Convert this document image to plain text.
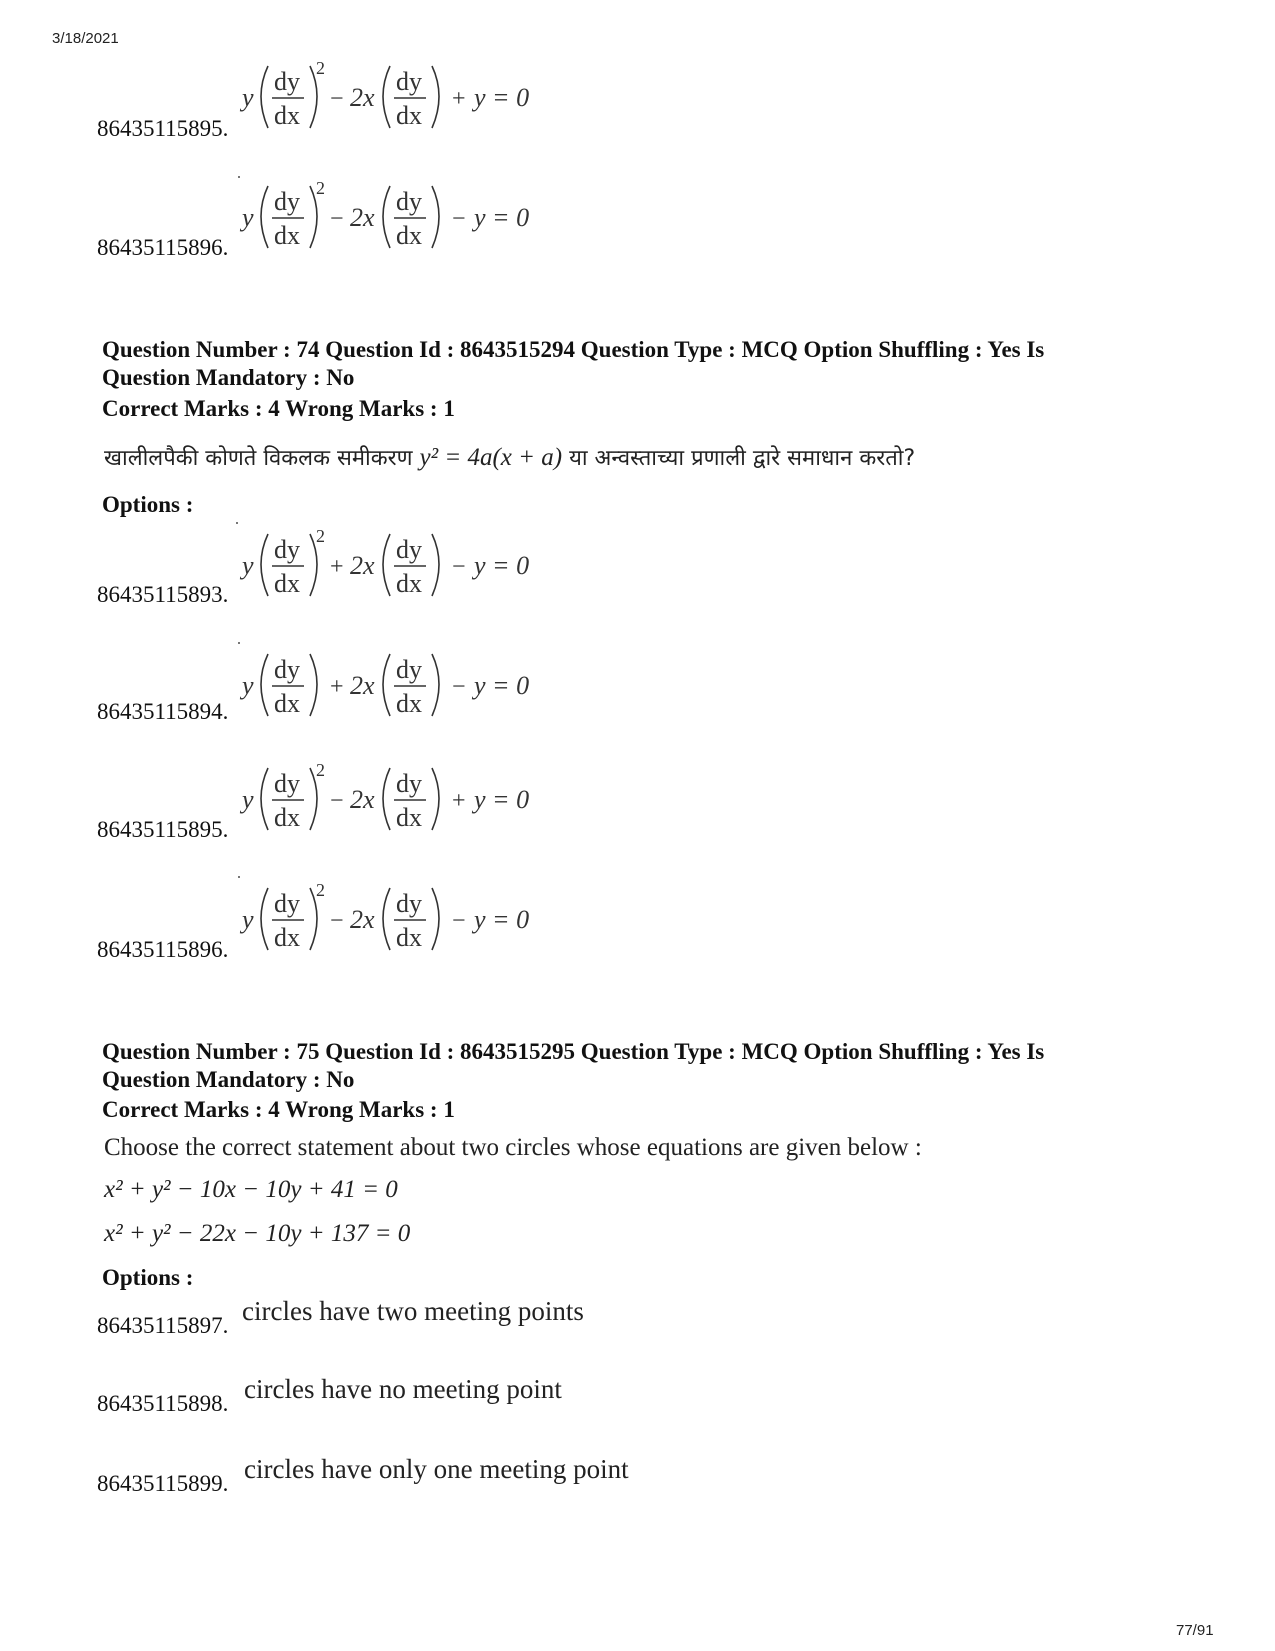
3/18/2021
y
dy
dx
2
− 2x
dy
dx
+ y = 0
86435115895.
y
dy
dx
2
− 2x
dy
dx
− y = 0
86435115896.
Question Number : 74 Question Id : 8643515294 Question Type : MCQ Option Shuffling : Yes Is
Question Mandatory : No
Correct Marks : 4 Wrong Marks : 1
खालीलपैकी कोणते विकलक समीकरण y² = 4a(x + a) या अन्वस्ताच्या प्रणाली द्वारे समाधान करतो?
Options :
y
dy
dx
2
+ 2x
dy
dx
− y = 0
86435115893.
y
dy
dx
+ 2x
dy
dx
− y = 0
86435115894.
y
dy
dx
2
− 2x
dy
dx
+ y = 0
86435115895.
y
dy
dx
2
− 2x
dy
dx
− y = 0
86435115896.
Question Number : 75 Question Id : 8643515295 Question Type : MCQ Option Shuffling : Yes Is
Question Mandatory : No
Correct Marks : 4 Wrong Marks : 1
Choose the correct statement about two circles whose equations are given below :
x² + y² − 10x − 10y + 41 = 0
x² + y² − 22x − 10y + 137 = 0
Options :
circles have two meeting points
86435115897.
circles have no meeting point
86435115898.
circles have only one meeting point
86435115899.
77/91
